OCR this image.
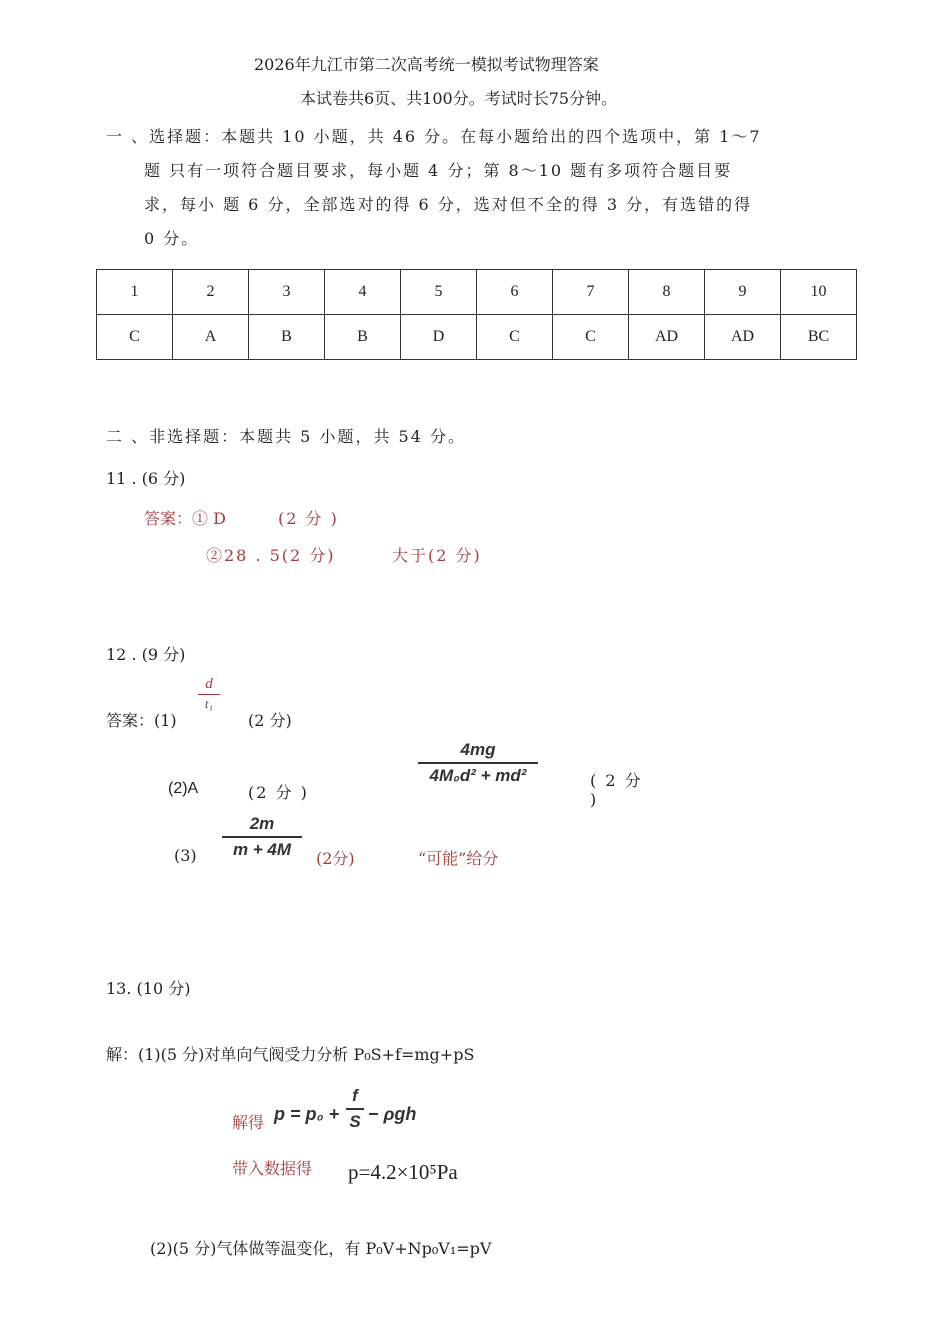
2026年九江市第二次高考统一模拟考试物理答案
本试卷共6页、共100分。考试时长75分钟。
一 、选择题：本题共 10 小题，共 46 分。在每小题给出的四个选项中，第 1～7
题 只有一项符合题目要求，每小题 4 分；第 8～10 题有多项符合题目要
求，每小 题 6 分，全部选对的得 6 分，选对但不全的得 3 分，有选错的得
0 分。
1	2	3	4	5	6	7	8	9	10
C	A	B	B	D	C	C	AD	AD	BC
二 、非选择题：本题共 5 小题，共 54 分。
11 . (6 分)
答案：① D	(2 分 )
②28 . 5(2 分)	大于(2 分)
12 . (9 分)
答案：(1)
d
t₁
(2 分)
(2)A	(2 分 )
4mg
4M₀d² + md²	( 2 分
)
(3)
2m
m + 4M	(2分)	“可能”给分
13. (10 分)
解：(1)(5 分)对单向气阀受力分析 P₀S+f=mg+pS
解得 p = p₀ +
f
S − ρgh
带入数据得 p=4.2×10⁵Pa
(2)(5 分)气体做等温变化，有 P₀V+Np₀V₁=pV
